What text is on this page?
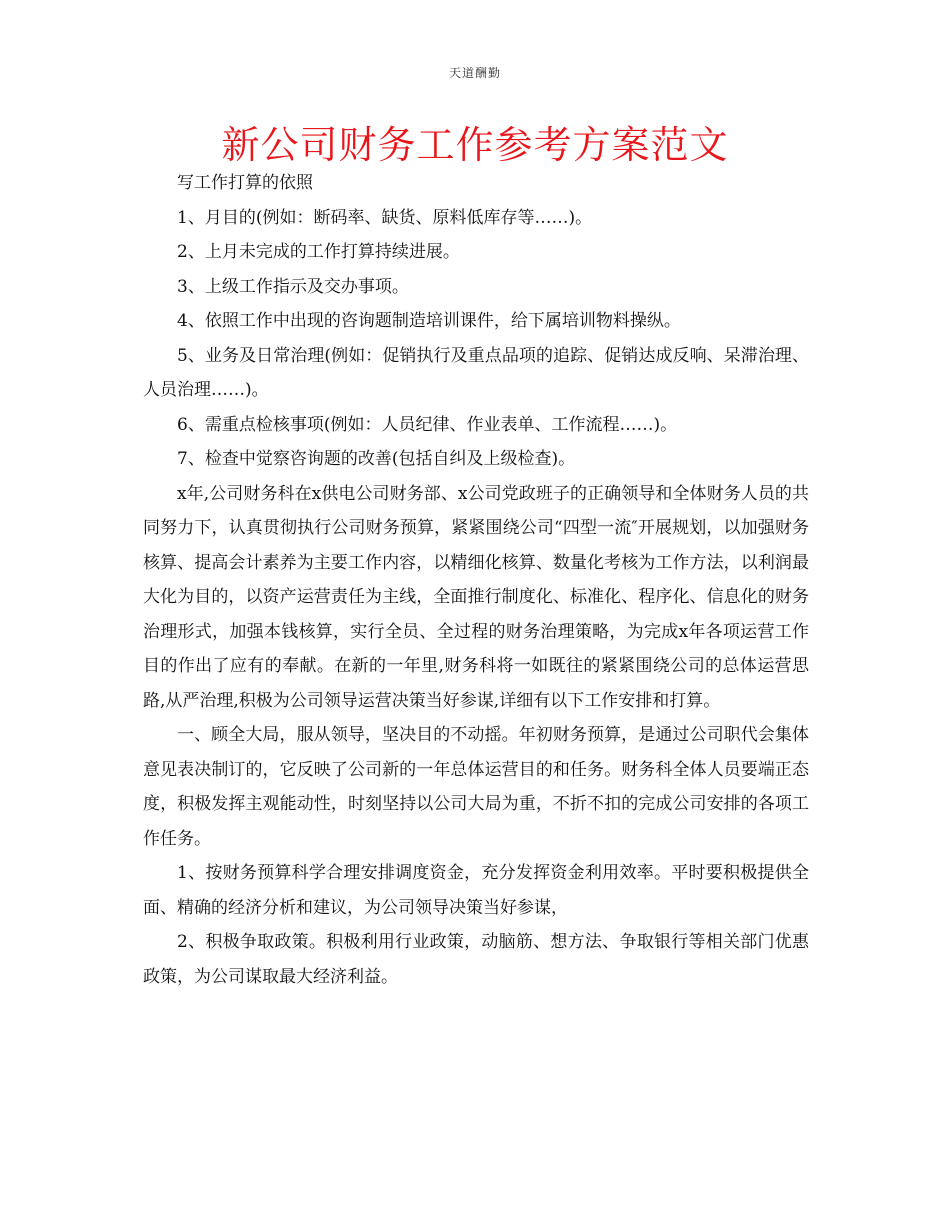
天道酬勤
新公司财务工作参考方案范文

写工作打算的依照

1、月目的(例如：断码率、缺货、原料低库存等……)。

2、上月未完成的工作打算持续进展。

3、上级工作指示及交办事项。

4、依照工作中出现的咨询题制造培训课件，给下属培训物料操纵。

5、业务及日常治理(例如：促销执行及重点品项的追踪、促销达成反响、呆滞治理、人员治理……)。

6、需重点检核事项(例如：人员纪律、作业表单、工作流程……)。

7、检查中觉察咨询题的改善(包括自纠及上级检查)。

x年,公司财务科在x供电公司财务部、x公司党政班子的正确领导和全体财务人员的共同努力下，认真贯彻执行公司财务预算，紧紧围绕公司“四型一流″开展规划，以加强财务核算、提高会计素养为主要工作内容，以精细化核算、数量化考核为工作方法，以利润最大化为目的，以资产运营责任为主线，全面推行制度化、标准化、程序化、信息化的财务治理形式，加强本钱核算，实行全员、全过程的财务治理策略，为完成x年各项运营工作目的作出了应有的奉献。在新的一年里,财务科将一如既往的紧紧围绕公司的总体运营思路,从严治理,积极为公司领导运营决策当好参谋,详细有以下工作安排和打算。

一、顾全大局，服从领导，坚决目的不动摇。年初财务预算，是通过公司职代会集体意见表决制订的，它反映了公司新的一年总体运营目的和任务。财务科全体人员要端正态度，积极发挥主观能动性，时刻坚持以公司大局为重，不折不扣的完成公司安排的各项工作任务。

1、按财务预算科学合理安排调度资金，充分发挥资金利用效率。平时要积极提供全面、精确的经济分析和建议，为公司领导决策当好参谋，

2、积极争取政策。积极利用行业政策，动脑筋、想方法、争取银行等相关部门优惠政策，为公司谋取最大经济利益。
